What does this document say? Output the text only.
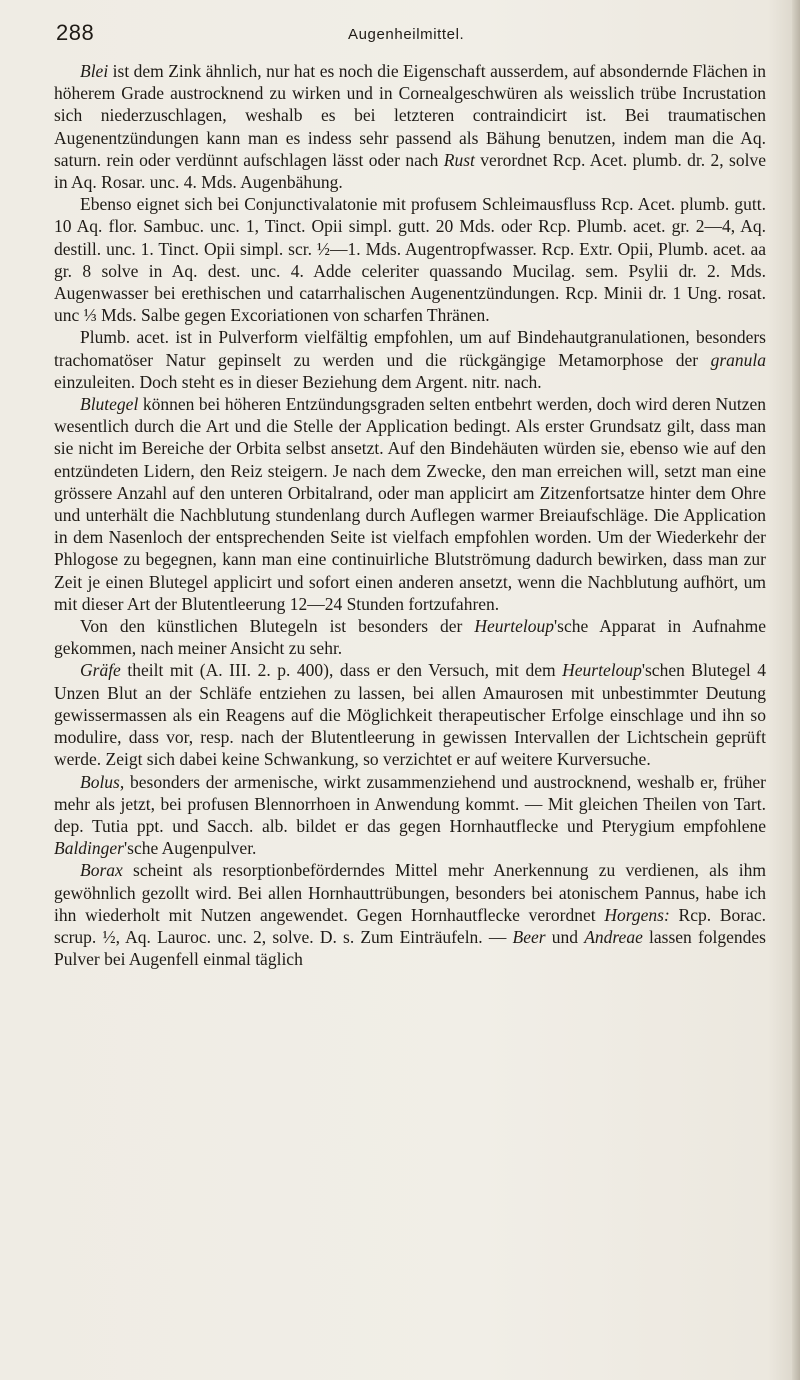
288	Augenheilmittel.

Blei ist dem Zink ähnlich, nur hat es noch die Eigenschaft ausserdem, auf absondernde Flächen in höherem Grade austrocknend zu wirken und in Cornealgeschwüren als weisslich trübe Incrustation sich niederzuschlagen, weshalb es bei letzteren contraindicirt ist. Bei traumatischen Augenentzündungen kann man es indess sehr passend als Bähung benutzen, indem man die Aq. saturn. rein oder verdünnt aufschlagen lässt oder nach Rust verordnet Rcp. Acet. plumb. dr. 2, solve in Aq. Rosar. unc. 4. Mds. Augenbähung.

Ebenso eignet sich bei Conjunctivalatonie mit profusem Schleimausfluss Rcp. Acet. plumb. gutt. 10 Aq. flor. Sambuc. unc. 1, Tinct. Opii simpl. gutt. 20 Mds. oder Rcp. Plumb. acet. gr. 2—4, Aq. destill. unc. 1. Tinct. Opii simpl. scr. ½—1. Mds. Augentropfwasser. Rcp. Extr. Opii, Plumb. acet. aa gr. 8 solve in Aq. dest. unc. 4. Adde celeriter quassando Mucilag. sem. Psylii dr. 2. Mds. Augenwasser bei erethischen und catarrhalischen Augenentzündungen. Rcp. Minii dr. 1 Ung. rosat. unc ⅓ Mds. Salbe gegen Excoriationen von scharfen Thränen.

Plumb. acet. ist in Pulverform vielfältig empfohlen, um auf Bindehautgranulationen, besonders trachomatöser Natur gepinselt zu werden und die rückgängige Metamorphose der granula einzuleiten. Doch steht es in dieser Beziehung dem Argent. nitr. nach.

Blutegel können bei höheren Entzündungsgraden selten entbehrt werden, doch wird deren Nutzen wesentlich durch die Art und die Stelle der Application bedingt. Als erster Grundsatz gilt, dass man sie nicht im Bereiche der Orbita selbst ansetzt. Auf den Bindehäuten würden sie, ebenso wie auf den entzündeten Lidern, den Reiz steigern. Je nach dem Zwecke, den man erreichen will, setzt man eine grössere Anzahl auf den unteren Orbitalrand, oder man applicirt am Zitzenfortsatze hinter dem Ohre und unterhält die Nachblutung stundenlang durch Auflegen warmer Breiaufschläge. Die Application in dem Nasenloch der entsprechenden Seite ist vielfach empfohlen worden. Um der Wiederkehr der Phlogose zu begegnen, kann man eine continuirliche Blutströmung dadurch bewirken, dass man zur Zeit je einen Blutegel applicirt und sofort einen anderen ansetzt, wenn die Nachblutung aufhört, um mit dieser Art der Blutentleerung 12—24 Stunden fortzufahren.

Von den künstlichen Blutegeln ist besonders der Heurteloup'sche Apparat in Aufnahme gekommen, nach meiner Ansicht zu sehr.

Gräfe theilt mit (A. III. 2. p. 400), dass er den Versuch, mit dem Heurteloup'schen Blutegel 4 Unzen Blut an der Schläfe entziehen zu lassen, bei allen Amaurosen mit unbestimmter Deutung gewissermassen als ein Reagens auf die Möglichkeit therapeutischer Erfolge einschlage und ihn so modulire, dass vor, resp. nach der Blutentleerung in gewissen Intervallen der Lichtschein geprüft werde. Zeigt sich dabei keine Schwankung, so verzichtet er auf weitere Kurversuche.

Bolus, besonders der armenische, wirkt zusammenziehend und austrocknend, weshalb er, früher mehr als jetzt, bei profusen Blennorrhoen in Anwendung kommt. — Mit gleichen Theilen von Tart. dep. Tutia ppt. und Sacch. alb. bildet er das gegen Hornhautflecke und Pterygium empfohlene Baldinger'sche Augenpulver.

Borax scheint als resorptionbeförderndes Mittel mehr Anerkennung zu verdienen, als ihm gewöhnlich gezollt wird. Bei allen Hornhauttrübungen, besonders bei atonischem Pannus, habe ich ihn wiederholt mit Nutzen angewendet. Gegen Hornhautflecke verordnet Horgens: Rcp. Borac. scrup. ½, Aq. Lauroc. unc. 2, solve. D. s. Zum Einträufeln. — Beer und Andreae lassen folgendes Pulver bei Augenfell einmal täglich
